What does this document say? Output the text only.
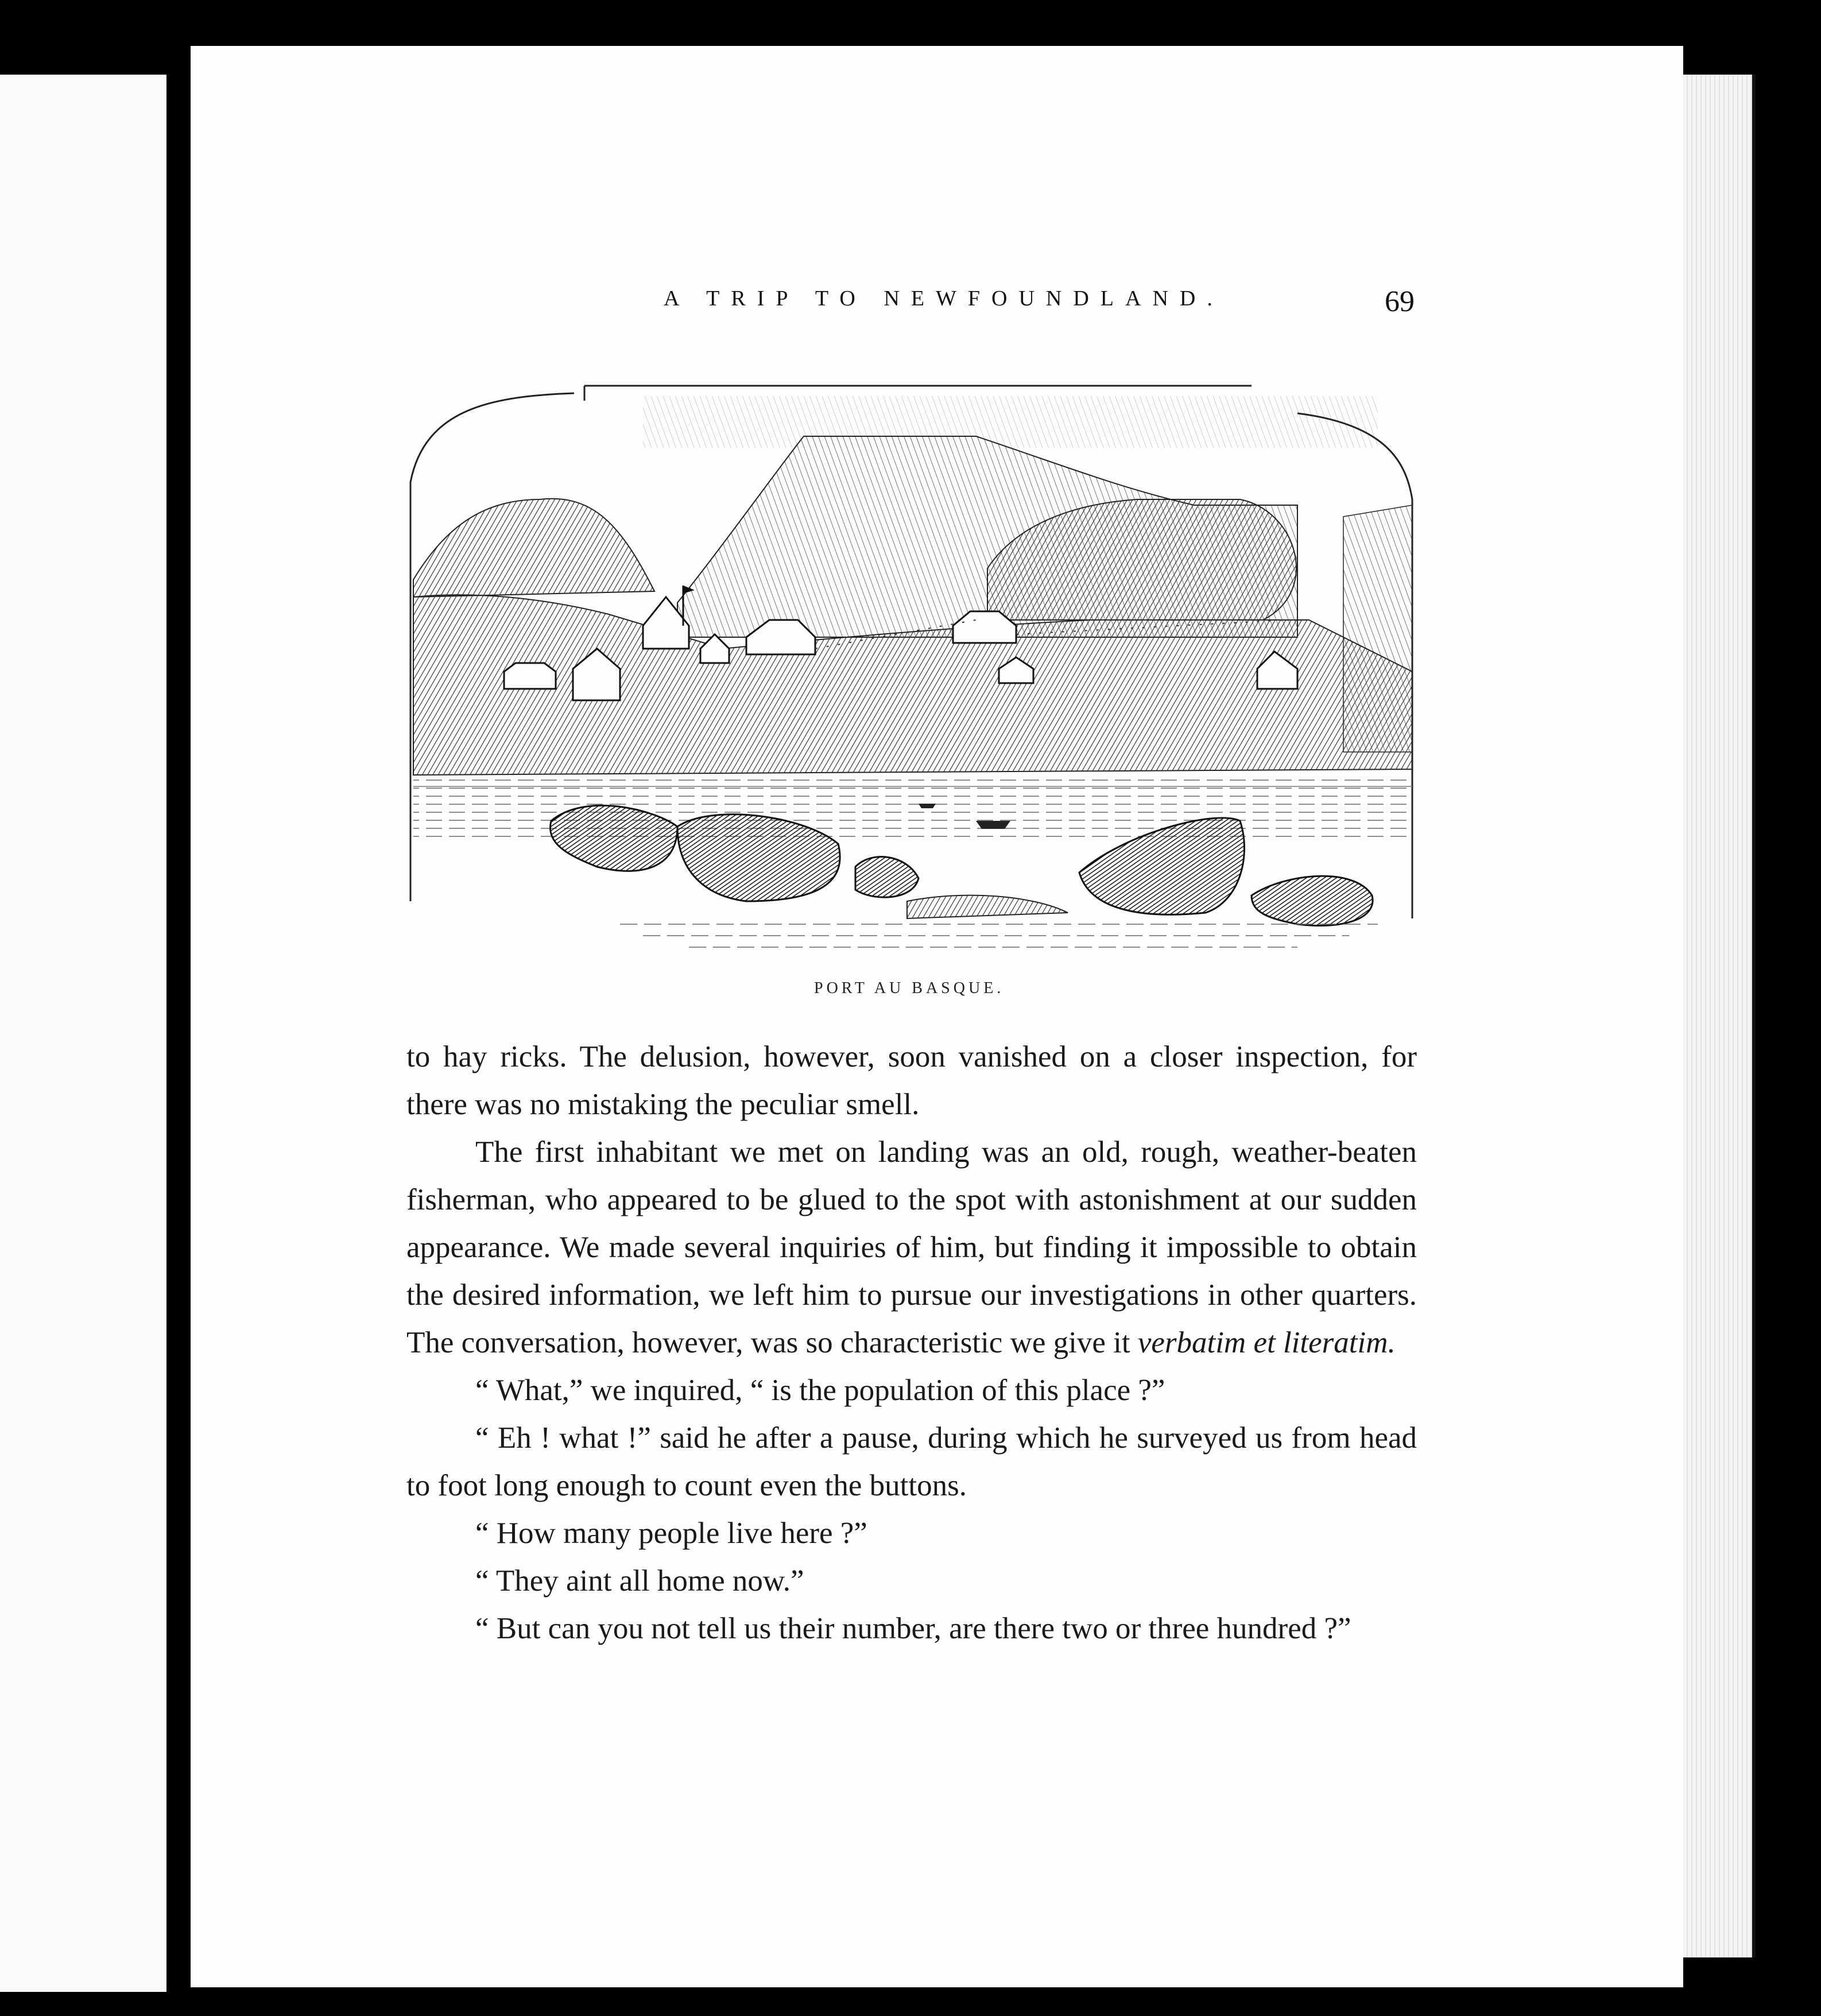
A TRIP TO NEWFOUNDLAND.	69
PORT AU BASQUE.

to hay ricks. The delusion, however, soon vanished on a closer inspection, for there was no mistaking the peculiar smell.

The first inhabitant we met on landing was an old, rough, weather-beaten fisherman, who appeared to be glued to the spot with astonishment at our sudden appearance. We made several inquiries of him, but finding it impossible to obtain the desired information, we left him to pursue our investigations in other quarters. The conversation, however, was so characteristic we give it verbatim et literatim.

“ What,” we inquired, “ is the population of this place ?”

“ Eh ! what !” said he after a pause, during which he surveyed us from head to foot long enough to count even the buttons.

“ How many people live here ?”

“ They aint all home now.”

“ But can you not tell us their number, are there two or three hundred ?”
